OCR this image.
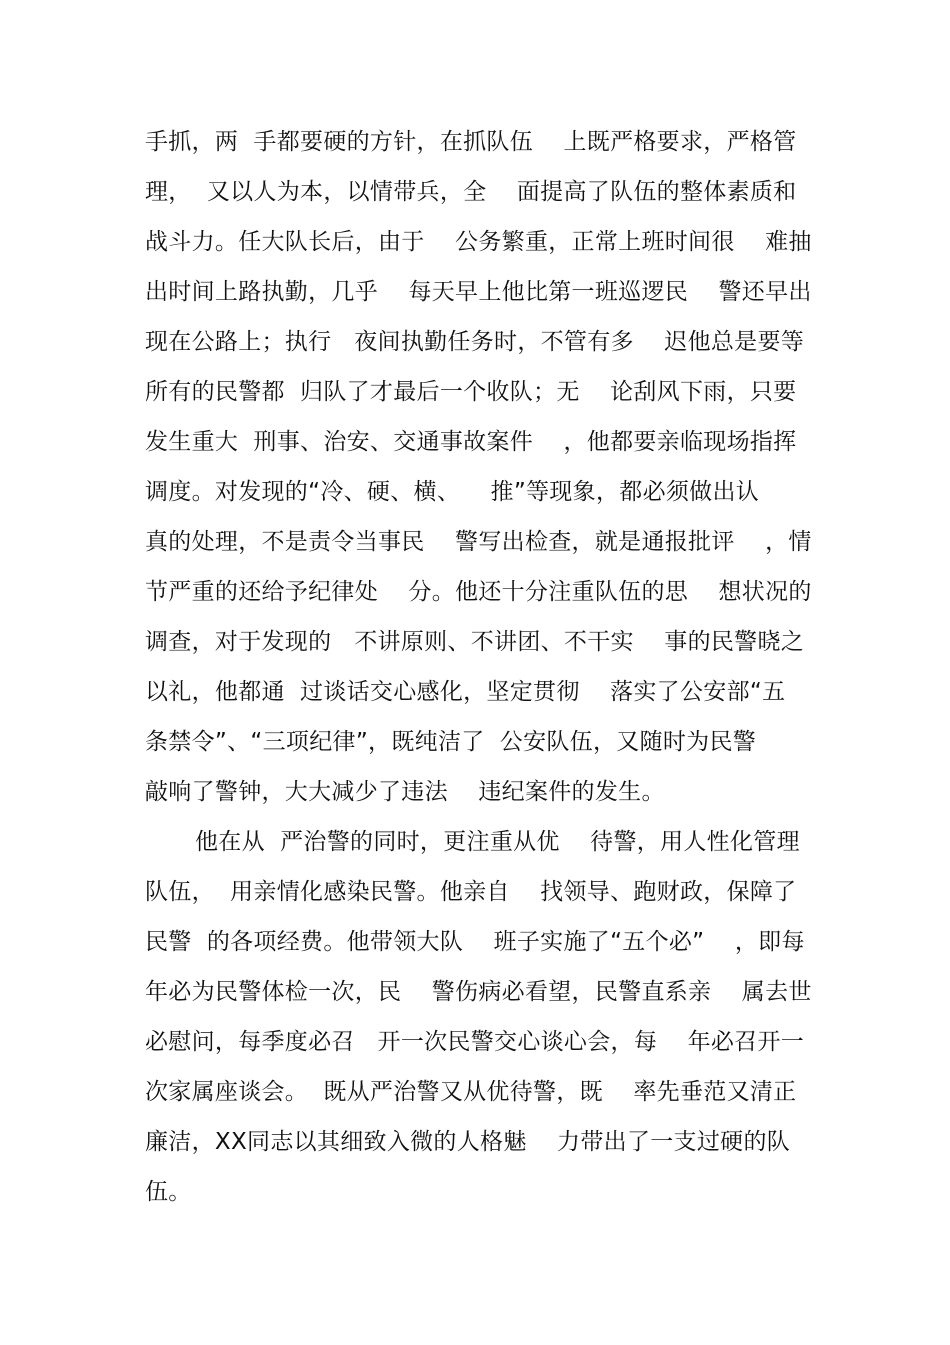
手抓，两  手都要硬的方针，在抓队伍    上既严格要求，严格管
理，  又以人为本，以情带兵，全    面提高了队伍的整体素质和
战斗力。任大队长后，由于    公务繁重，正常上班时间很    难抽
出时间上路执勤，几乎    每天早上他比第一班巡逻民    警还早出
现在公路上；执行   夜间执勤任务时，不管有多    迟他总是要等
所有的民警都  归队了才最后一个收队；无    论刮风下雨，只要
发生重大  刑事、治安、交通事故案件    ，他都要亲临现场指挥
调度。对发现的“冷、硬、横、    推”等现象，都必须做出认
真的处理，不是责令当事民    警写出检查，就是通报批评    ，情
节严重的还给予纪律处    分。他还十分注重队伍的思    想状况的
调查，对于发现的   不讲原则、不讲团、不干实    事的民警晓之
以礼，他都通  过谈话交心感化，坚定贯彻    落实了公安部“五
条禁令”、“三项纪律”，既纯洁了  公安队伍，又随时为民警
敲响了警钟，大大减少了违法    违纪案件的发生。
他在从  严治警的同时，更注重从优    待警，用人性化管理
队伍，  用亲情化感染民警。他亲自    找领导、跑财政，保障了
民警  的各项经费。他带领大队    班子实施了“五个必”    ，即每
年必为民警体检一次，民    警伤病必看望，民警直系亲    属去世
必慰问，每季度必召   开一次民警交心谈心会，每    年必召开一
次家属座谈会。  既从严治警又从优待警，既    率先垂范又清正
廉洁，XX同志以其细致入微的人格魅    力带出了一支过硬的队
伍。
